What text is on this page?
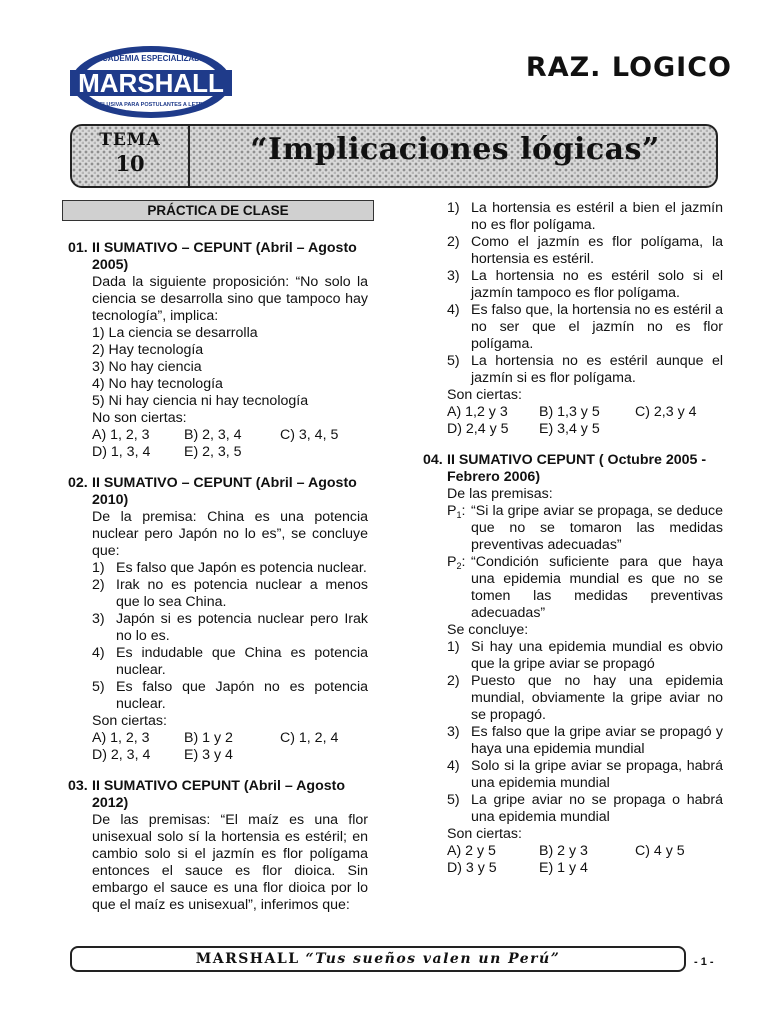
ACADEMIA ESPECIALIZADA
MARSHALL
EXCLUSIVA PARA POSTULANTES A LETRAS
RAZ. LOGICO
TEMA
10	“Implicaciones lógicas”
PRÁCTICA DE CLASE
01. II SUMATIVO – CEPUNT (Abril – Agosto 2005)
Dada la siguiente proposición: “No solo la ciencia se desarrolla sino que tampoco hay tecnología”, implica:
1) La ciencia se desarrolla
2) Hay tecnología
3) No hay ciencia
4) No hay tecnología
5) Ni hay ciencia ni hay tecnología
No son ciertas:
A) 1, 2, 3	B) 2, 3, 4	C) 3, 4, 5
D) 1, 3, 4	E) 2, 3, 5
02. II SUMATIVO – CEPUNT (Abril – Agosto 2010)
De la premisa: China es una potencia nuclear pero Japón no lo es”, se concluye que:
1) Es falso que Japón es potencia nuclear.
2) Irak no es potencia nuclear a menos que lo sea China.
3) Japón si es potencia nuclear pero Irak no lo es.
4) Es indudable que China es potencia nuclear.
5) Es falso que Japón no es potencia nuclear.
Son ciertas:
A) 1, 2, 3	B) 1 y 2	C) 1, 2, 4
D) 2, 3, 4	E) 3 y 4
03. II SUMATIVO CEPUNT (Abril – Agosto 2012)
De las premisas: “El maíz es una flor unisexual solo sí la hortensia es estéril; en cambio solo si el jazmín es flor polígama entonces el sauce es flor dioica. Sin embargo el sauce es una flor dioica por lo que el maíz es unisexual”, inferimos que:
1) La hortensia es estéril a bien el jazmín no es flor polígama.
2) Como el jazmín es flor polígama, la hortensia es estéril.
3) La hortensia no es estéril solo si el jazmín tampoco es flor polígama.
4) Es falso que, la hortensia no es estéril a no ser que el jazmín no es flor polígama.
5) La hortensia no es estéril aunque el jazmín si es flor polígama.
Son ciertas:
A) 1,2 y 3	B) 1,3 y 5	C) 2,3 y 4
D) 2,4 y 5	E) 3,4 y 5
04. II SUMATIVO CEPUNT ( Octubre 2005 - Febrero 2006)
De las premisas:
$P_1$: “Si la gripe aviar se propaga, se deduce que no se tomaron las medidas preventivas adecuadas”
$P_2$: “Condición suficiente para que haya una epidemia mundial es que no se tomen las medidas preventivas adecuadas”
Se concluye:
1) Si hay una epidemia mundial es obvio que la gripe aviar se propagó
2) Puesto que no hay una epidemia mundial, obviamente la gripe aviar no se propagó.
3) Es falso que la gripe aviar se propagó y haya una epidemia mundial
4) Solo si la gripe aviar se propaga, habrá una epidemia mundial
5) La gripe aviar no se propaga o habrá una epidemia mundial
Son ciertas:
A) 2 y 5	B) 2 y 3	C) 4 y 5
D) 3 y 5	E) 1 y 4
MARSHALL “Tus sueños valen un Perú”	- 1 -
